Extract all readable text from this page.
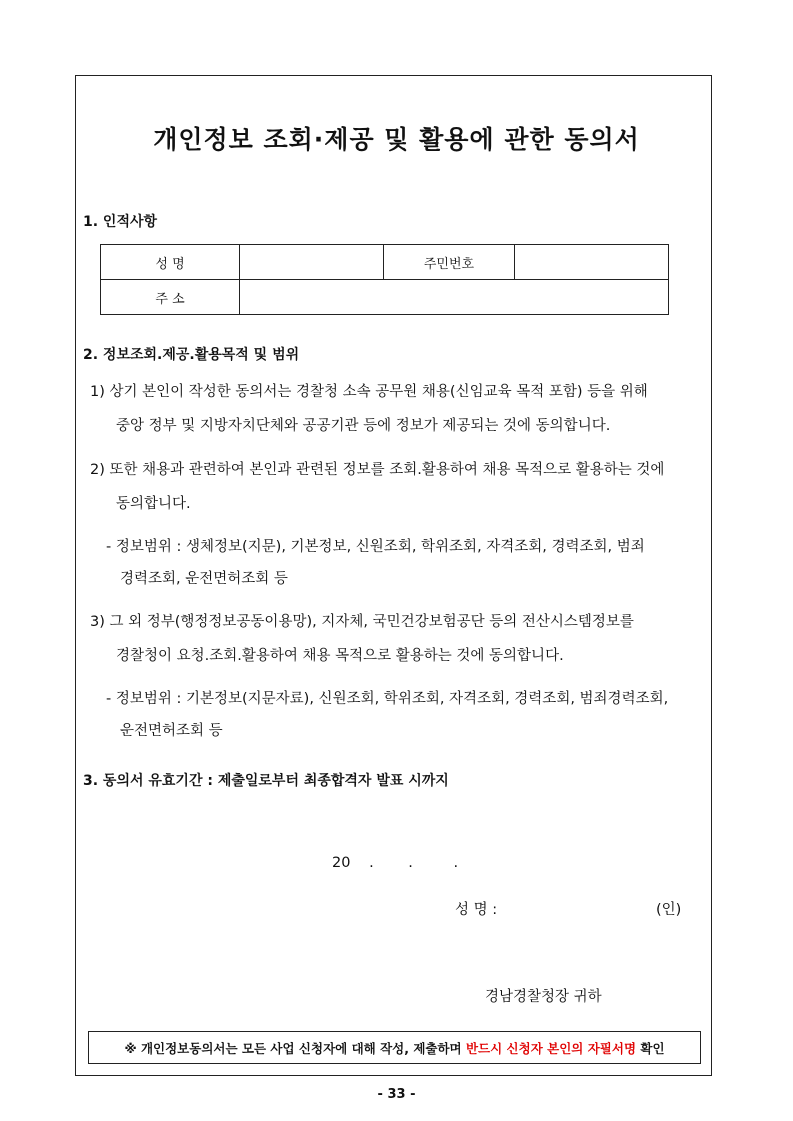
개인정보 조회·제공 및 활용에 관한 동의서
1. 인적사항
성 명		주민번호	
주 소			
2. 정보조회.제공.활용목적 및 범위
1) 상기 본인이 작성한 동의서는 경찰청 소속 공무원 채용(신임교육 목적 포함) 등을 위해
중앙 정부 및 지방자치단체와 공공기관 등에 정보가 제공되는 것에 동의합니다.
2) 또한 채용과 관련하여 본인과 관련된 정보를 조회.활용하여 채용 목적으로 활용하는 것에
동의합니다.
- 정보범위 : 생체정보(지문), 기본정보, 신원조회, 학위조회, 자격조회, 경력조회, 범죄
경력조회, 운전면허조회 등
3) 그 외 정부(행정정보공동이용망), 지자체, 국민건강보험공단 등의 전산시스템정보를
경찰청이 요청.조회.활용하여 채용 목적으로 활용하는 것에 동의합니다.
- 정보범위 : 기본정보(지문자료), 신원조회, 학위조회, 자격조회, 경력조회, 범죄경력조회,
운전면허조회 등
3. 동의서 유효기간 : 제출일로부터 최종합격자 발표 시까지
20 . .	.
성 명 :	(인)
경남경찰청장 귀하
※ 개인정보동의서는 모든 사업 신청자에 대해 작성, 제출하며 반드시 신청자 본인의 자필서명 확인
- 33 -
